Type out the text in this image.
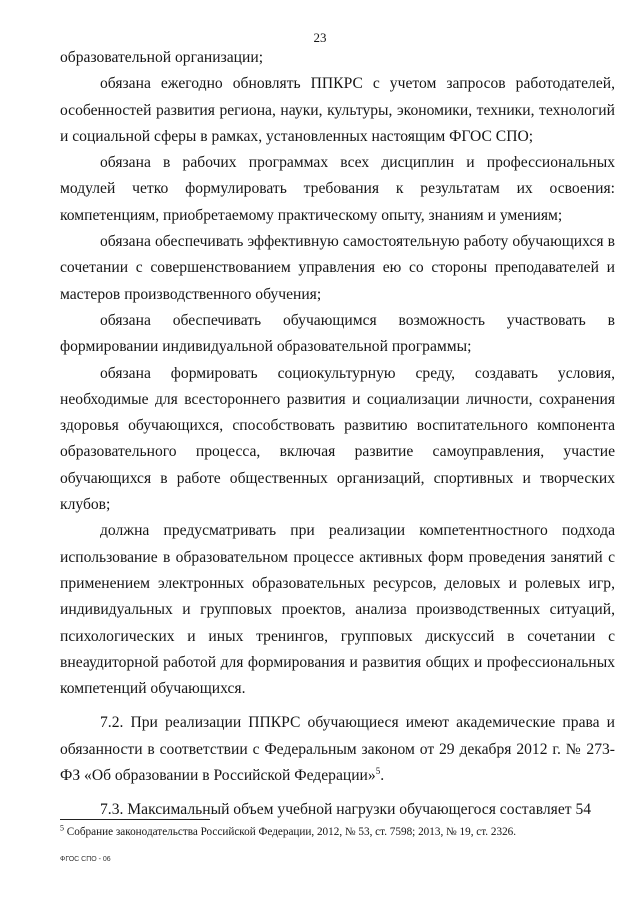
23

образовательной организации;

обязана ежегодно обновлять ППКРС с учетом запросов работодателей, особенностей развития региона, науки, культуры, экономики, техники, технологий и социальной сферы в рамках, установленных настоящим ФГОС СПО;

обязана в рабочих программах всех дисциплин и профессиональных модулей четко формулировать требования к результатам их освоения: компетенциям, приобретаемому практическому опыту, знаниям и умениям;

обязана обеспечивать эффективную самостоятельную работу обучающихся в сочетании с совершенствованием управления ею со стороны преподавателей и мастеров производственного обучения;

обязана обеспечивать обучающимся возможность участвовать в формировании индивидуальной образовательной программы;

обязана формировать социокультурную среду, создавать условия, необходимые для всестороннего развития и социализации личности, сохранения здоровья обучающихся, способствовать развитию воспитательного компонента образовательного процесса, включая развитие самоуправления, участие обучающихся в работе общественных организаций, спортивных и творческих клубов;

должна предусматривать при реализации компетентностного подхода использование в образовательном процессе активных форм проведения занятий с применением электронных образовательных ресурсов, деловых и ролевых игр, индивидуальных и групповых проектов, анализа производственных ситуаций, психологических и иных тренингов, групповых дискуссий в сочетании с внеаудиторной работой для формирования и развития общих и профессиональных компетенций обучающихся.

7.2. При реализации ППКРС обучающиеся имеют академические права и обязанности в соответствии с Федеральным законом от 29 декабря 2012 г. № 273-ФЗ «Об образовании в Российской Федерации»$^5$.

7.3. Максимальный объем учебной нагрузки обучающегося составляет 54

$^5$ Собрание законодательства Российской Федерации, 2012, № 53, ст. 7598; 2013, № 19, ст. 2326.
ФГОС СПО - 06
